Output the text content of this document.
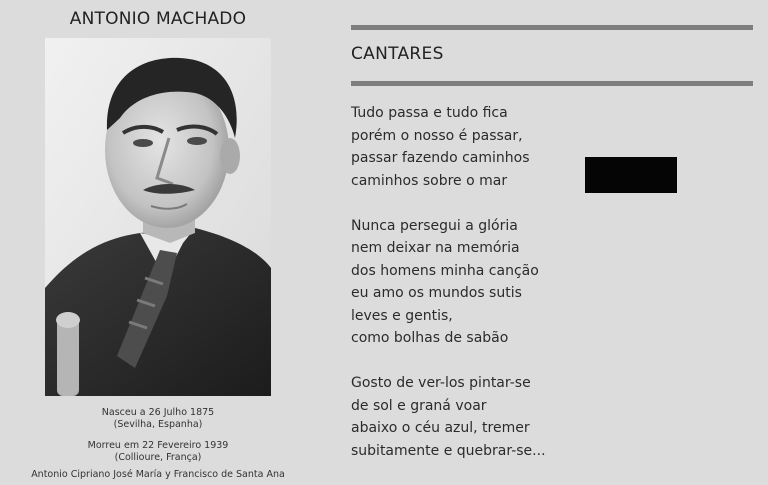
ANTONIO MACHADO
Nasceu a 26 Julho 1875
(Sevilha, Espanha)
Morreu em 22 Fevereiro 1939
(Collioure, França)
Antonio Cipriano José María y Francisco de Santa Ana
CANTARES
Tudo passa e tudo fica
porém o nosso é passar,
passar fazendo caminhos
caminhos sobre o mar
Nunca persegui a glória
nem deixar na memória
dos homens minha canção
eu amo os mundos sutis
leves e gentis,
como bolhas de sabão
Gosto de ver-los pintar-se
de sol e graná voar
abaixo o céu azul, tremer
subitamente e quebrar-se...
